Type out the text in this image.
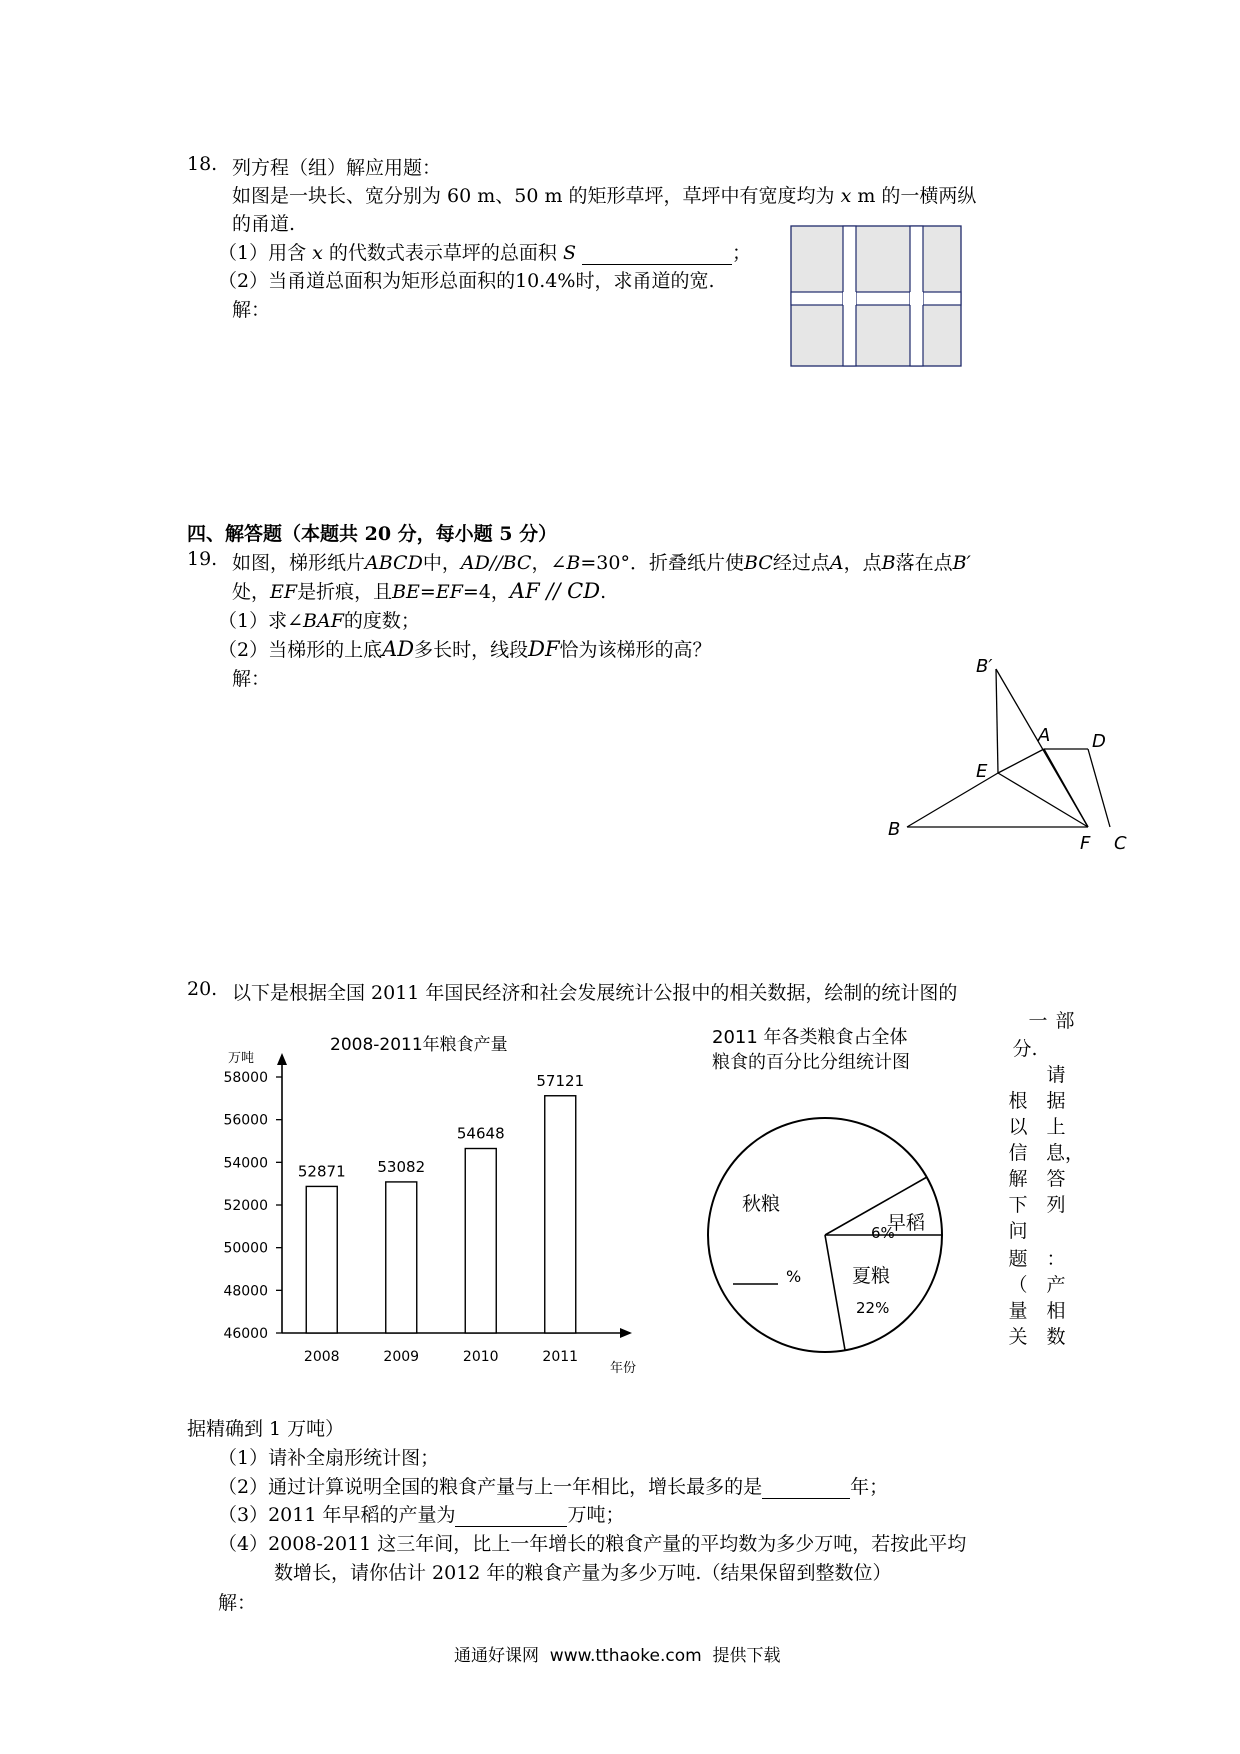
18. 列方程（组）解应用题：
如图是一块长、宽分别为 60 m、50 m 的矩形草坪，草坪中有宽度均为 x m 的一横两纵
的甬道.
（1）用含 x 的代数式表示草坪的总面积 S	；
（2）当甬道总面积为矩形总面积的10.4%时，求甬道的宽.
解：
四、解答题（本题共 20 分，每小题 5 分）
19. 如图，梯形纸片ABCD中，AD//BC，∠B=30°．折叠纸片使BC经过点A，点B落在点B′
处，EF是折痕，且BE=EF=4，AF // CD.
（1）求∠BAF的度数；
（2）当梯形的上底AD多长时，线段DF恰为该梯形的高？
解：
B′
A D
E
B
F C
20. 以下是根据全国 2011 年国民经济和社会发展统计公报中的相关数据，绘制的统计图的
2008-2011年粮食产量
万吨
年份
58000
56000
54000
52000
50000
48000
46000
52871
2008
53082
2009
54648
2010
57121
2011
2011 年各类粮食占全体
粮食的百分比分组统计图
早稻
6%
夏粮
22%
秋粮
%
一 部
分.
请
根 据
以 上
信 息，
解 答
下 列
问
题 ：
（ 产
量 相
关 数
据精确到 1 万吨）
（1）请补全扇形统计图；
（2）通过计算说明全国的粮食产量与上一年相比，增长最多的是	年；
（3）2011 年早稻的产量为	万吨；
（4）2008-2011 这三年间，比上一年增长的粮食产量的平均数为多少万吨，若按此平均
数增长，请你估计 2012 年的粮食产量为多少万吨.（结果保留到整数位）
解：
通通好课网  www.tthaoke.com  提供下载
